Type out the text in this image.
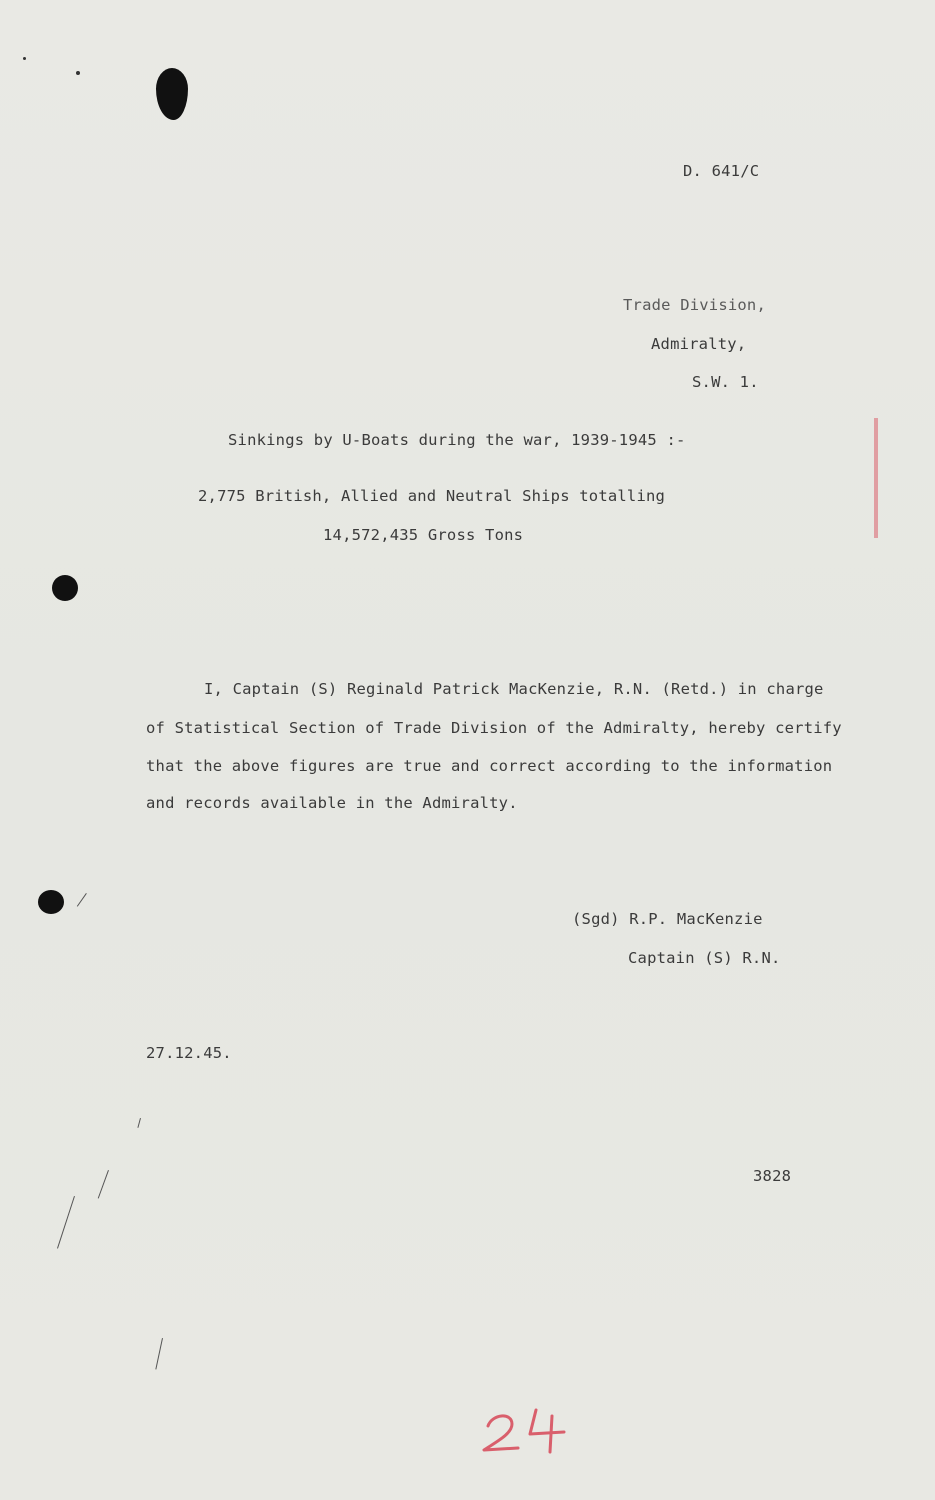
D. 641/C
Trade Division,
Admiralty,
S.W. 1.
Sinkings by U-Boats during the war, 1939-1945 :-
2,775 British, Allied and Neutral Ships totalling
14,572,435 Gross Tons
I, Captain (S) Reginald Patrick MacKenzie, R.N. (Retd.) in charge
of Statistical Section of Trade Division of the Admiralty, hereby certify
that the above figures are true and correct according to the information
and records available in the Admiralty.
(Sgd) R.P. MacKenzie
Captain (S) R.N.
27.12.45.
3828
